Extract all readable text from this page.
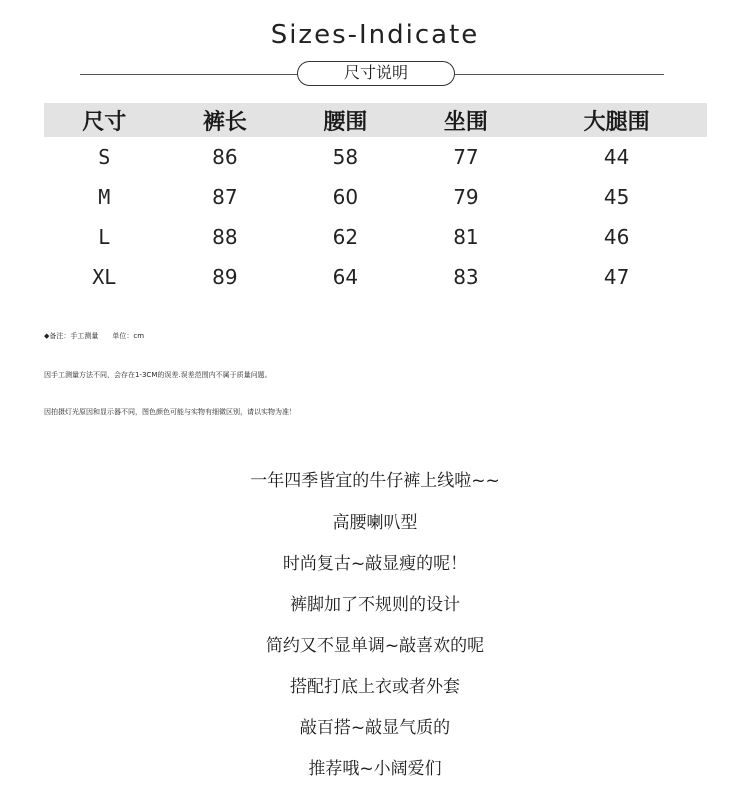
Sizes-Indicate
尺寸说明
尺寸	裤长	腰围	坐围	大腿围
S	86	58	77	44
M	87	60	79	45
L	88	62	81	46
XL	89	64	83	47
◆备注：手工测量　　单位：cm
因手工测量方法不同，会存在1-3CM的误差.误差范围内不属于质量问题。
因拍摄灯光原因和显示器不同，图色颜色可能与实物有细微区别，请以实物为准！
一年四季皆宜的牛仔裤上线啦~~
高腰喇叭型
时尚复古~敲显瘦的呢！
裤脚加了不规则的设计
简约又不显单调~敲喜欢的呢
搭配打底上衣或者外套
敲百搭~敲显气质的
推荐哦~小阔爱们
